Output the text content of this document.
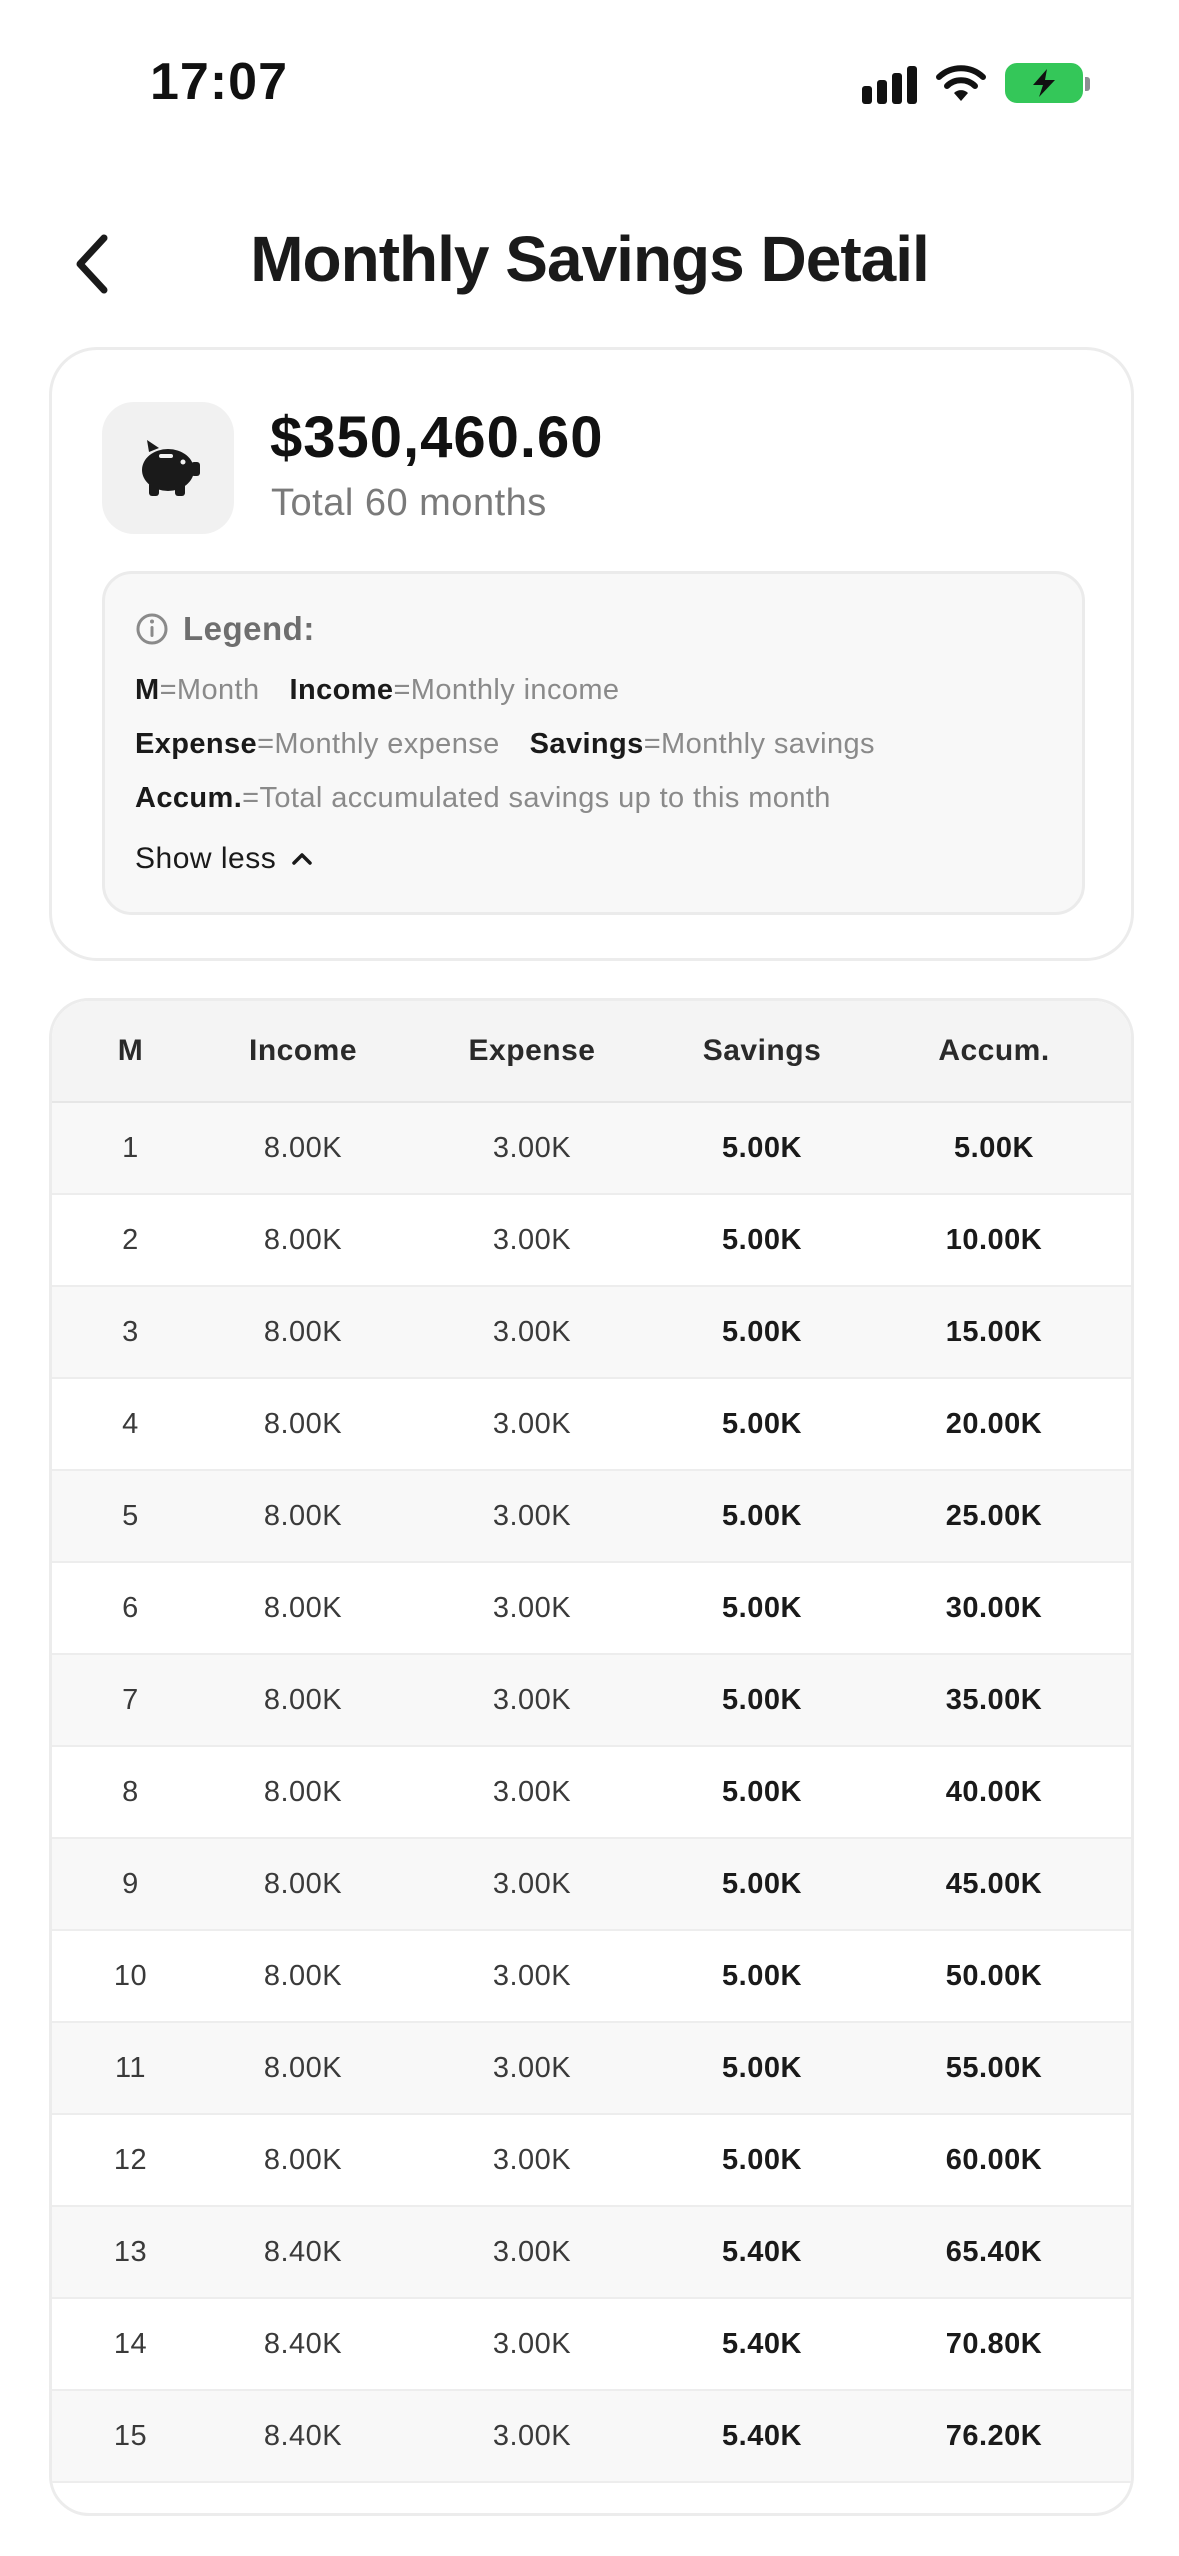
17:07
Monthly Savings Detail
$350,460.60
Total 60 months
Legend:
M=Month Income=Monthly income
Expense=Monthly expense Savings=Monthly savings
Accum.=Total accumulated savings up to this month
Show less
M	Income	Expense	Savings	Accum.
1	8.00K	3.00K	5.00K	5.00K
2	8.00K	3.00K	5.00K	10.00K
3	8.00K	3.00K	5.00K	15.00K
4	8.00K	3.00K	5.00K	20.00K
5	8.00K	3.00K	5.00K	25.00K
6	8.00K	3.00K	5.00K	30.00K
7	8.00K	3.00K	5.00K	35.00K
8	8.00K	3.00K	5.00K	40.00K
9	8.00K	3.00K	5.00K	45.00K
10	8.00K	3.00K	5.00K	50.00K
11	8.00K	3.00K	5.00K	55.00K
12	8.00K	3.00K	5.00K	60.00K
13	8.40K	3.00K	5.40K	65.40K
14	8.40K	3.00K	5.40K	70.80K
15	8.40K	3.00K	5.40K	76.20K
